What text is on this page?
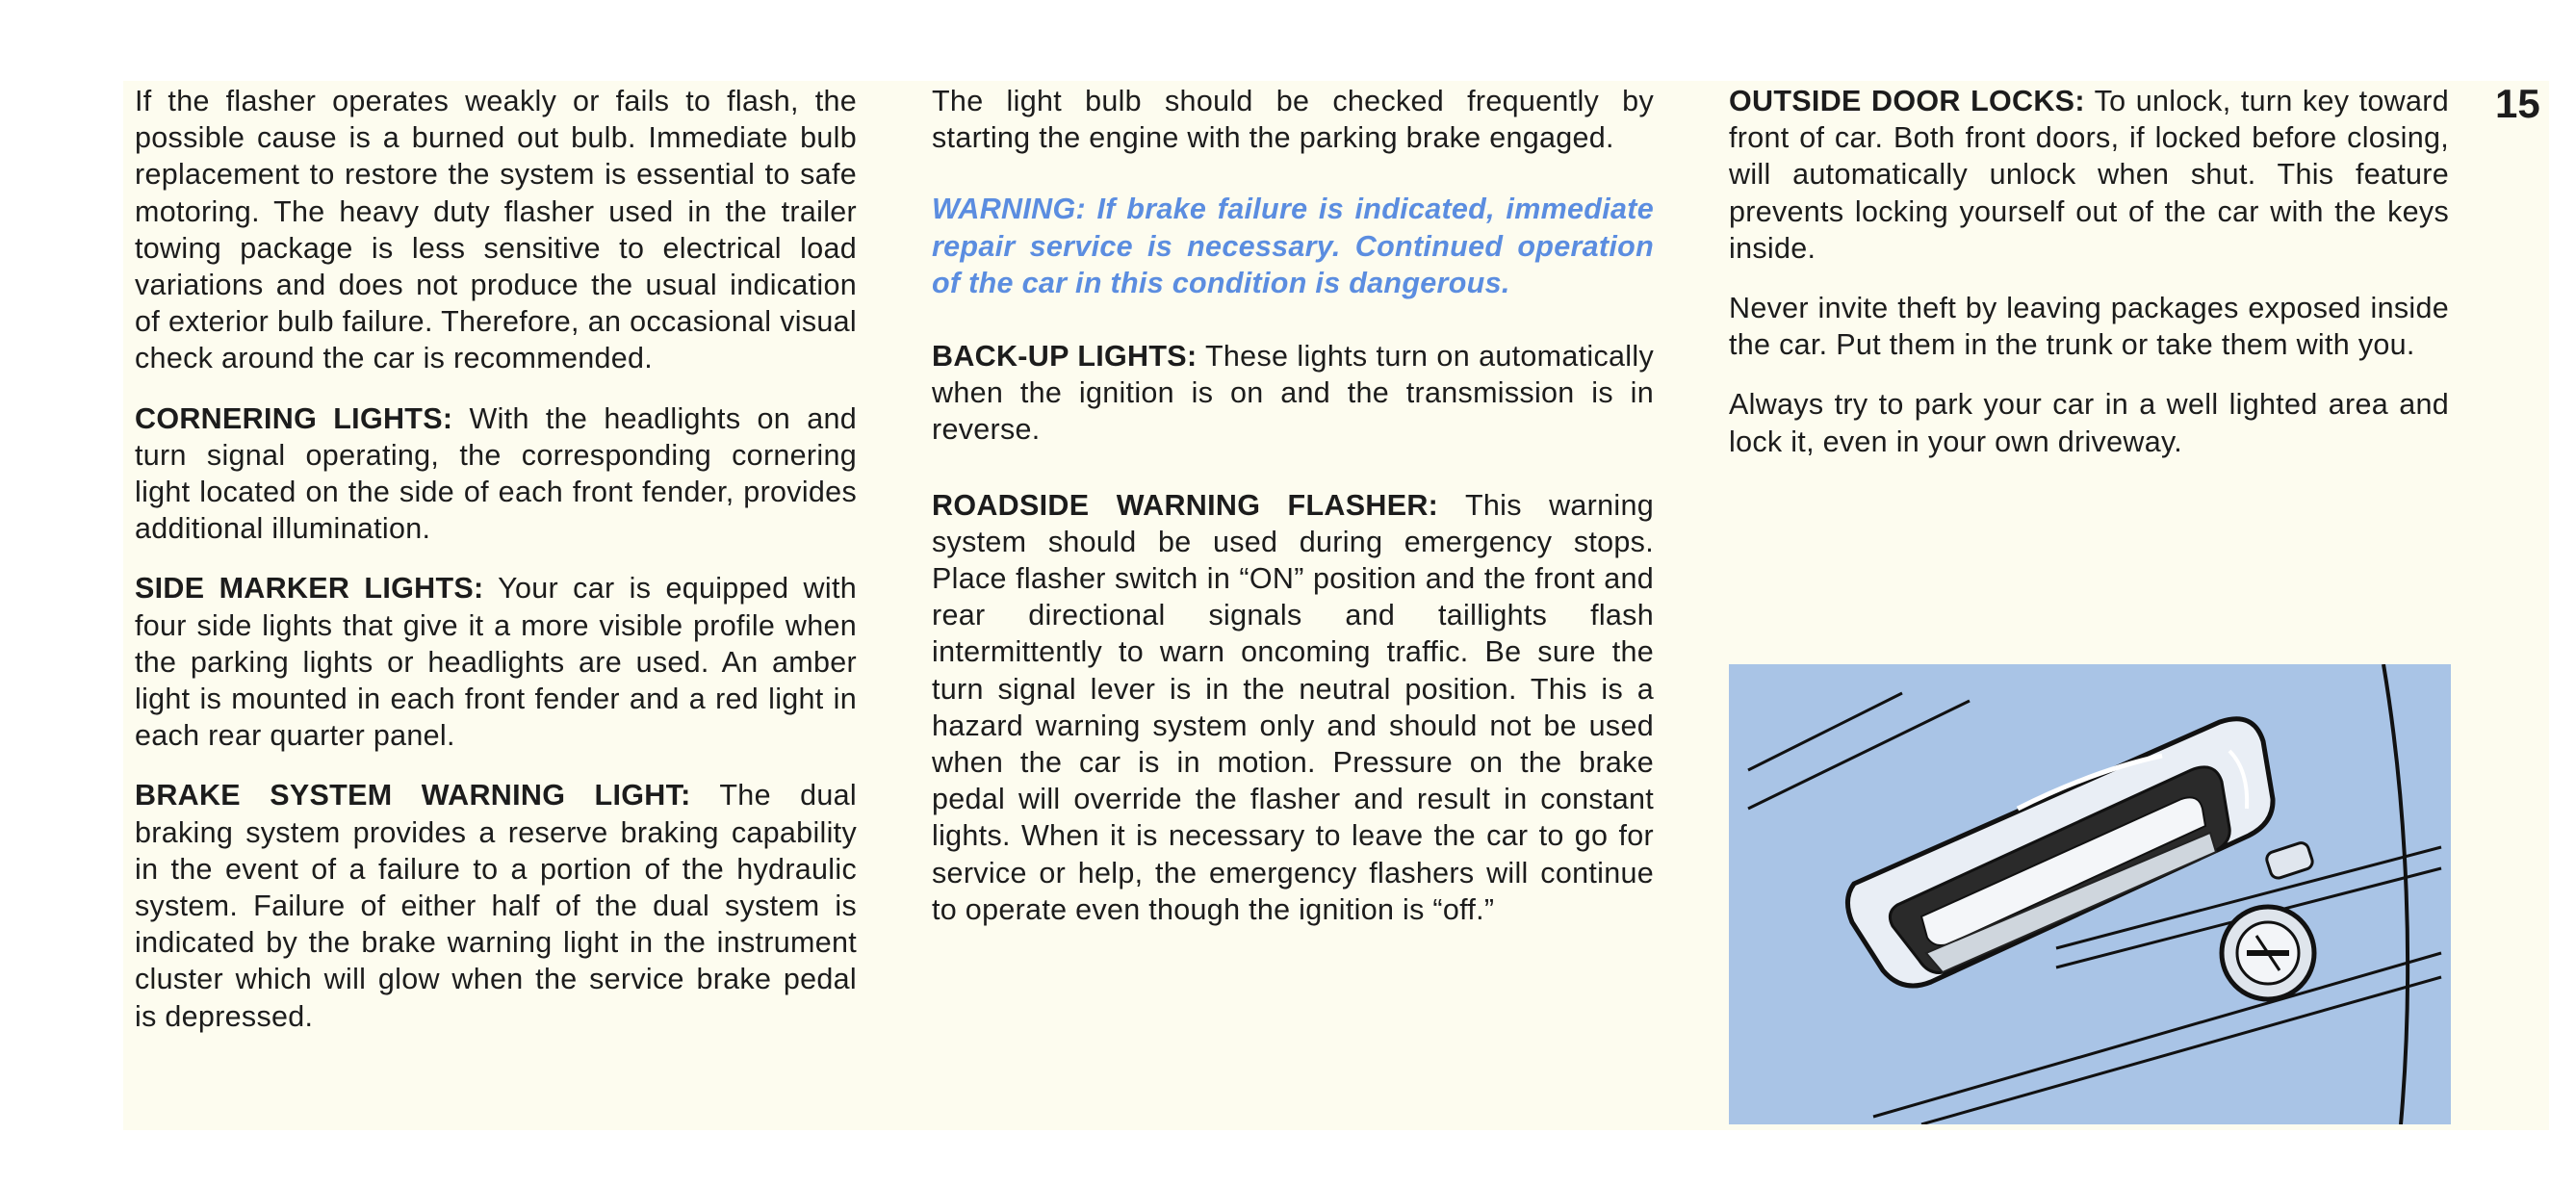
If the flasher operates weakly or fails to flash, the possible cause is a burned out bulb. Immediate bulb replacement to restore the system is essential to safe motoring. The heavy duty flasher used in the trailer towing package is less sensitive to electrical load variations and does not produce the usual indication of exterior bulb failure. Therefore, an occasional visual check around the car is recommended.

CORNERING LIGHTS: With the headlights on and turn signal operating, the corresponding cornering light located on the side of each front fender, provides additional illumination.

SIDE MARKER LIGHTS: Your car is equipped with four side lights that give it a more visible profile when the parking lights or headlights are used. An amber light is mounted in each front fender and a red light in each rear quarter panel.

BRAKE SYSTEM WARNING LIGHT: The dual braking system provides a reserve braking capability in the event of a failure to a portion of the hydraulic system. Failure of either half of the dual system is indicated by the brake warning light in the instrument cluster which will glow when the service brake pedal is depressed.

The light bulb should be checked frequently by starting the engine with the parking brake engaged.

WARNING: If brake failure is indicated, immediate repair service is necessary. Continued operation of the car in this condition is dangerous.

BACK-UP LIGHTS: These lights turn on automatically when the ignition is on and the transmission is in reverse.

ROADSIDE WARNING FLASHER: This warning system should be used during emergency stops. Place flasher switch in “ON” position and the front and rear directional signals and taillights flash intermittently to warn oncoming traffic. Be sure the turn signal lever is in the neutral position. This is a hazard warning system only and should not be used when the car is in motion. Pressure on the brake pedal will override the flasher and result in constant lights. When it is necessary to leave the car to go for service or help, the emergency flashers will continue to operate even though the ignition is “off.”

OUTSIDE DOOR LOCKS: To unlock, turn key toward front of car. Both front doors, if locked before closing, will automatically unlock when shut. This feature prevents locking yourself out of the car with the keys inside.

Never invite theft by leaving packages exposed inside the car. Put them in the trunk or take them with you.

Always try to park your car in a well lighted area and lock it, even in your own driveway.

15
